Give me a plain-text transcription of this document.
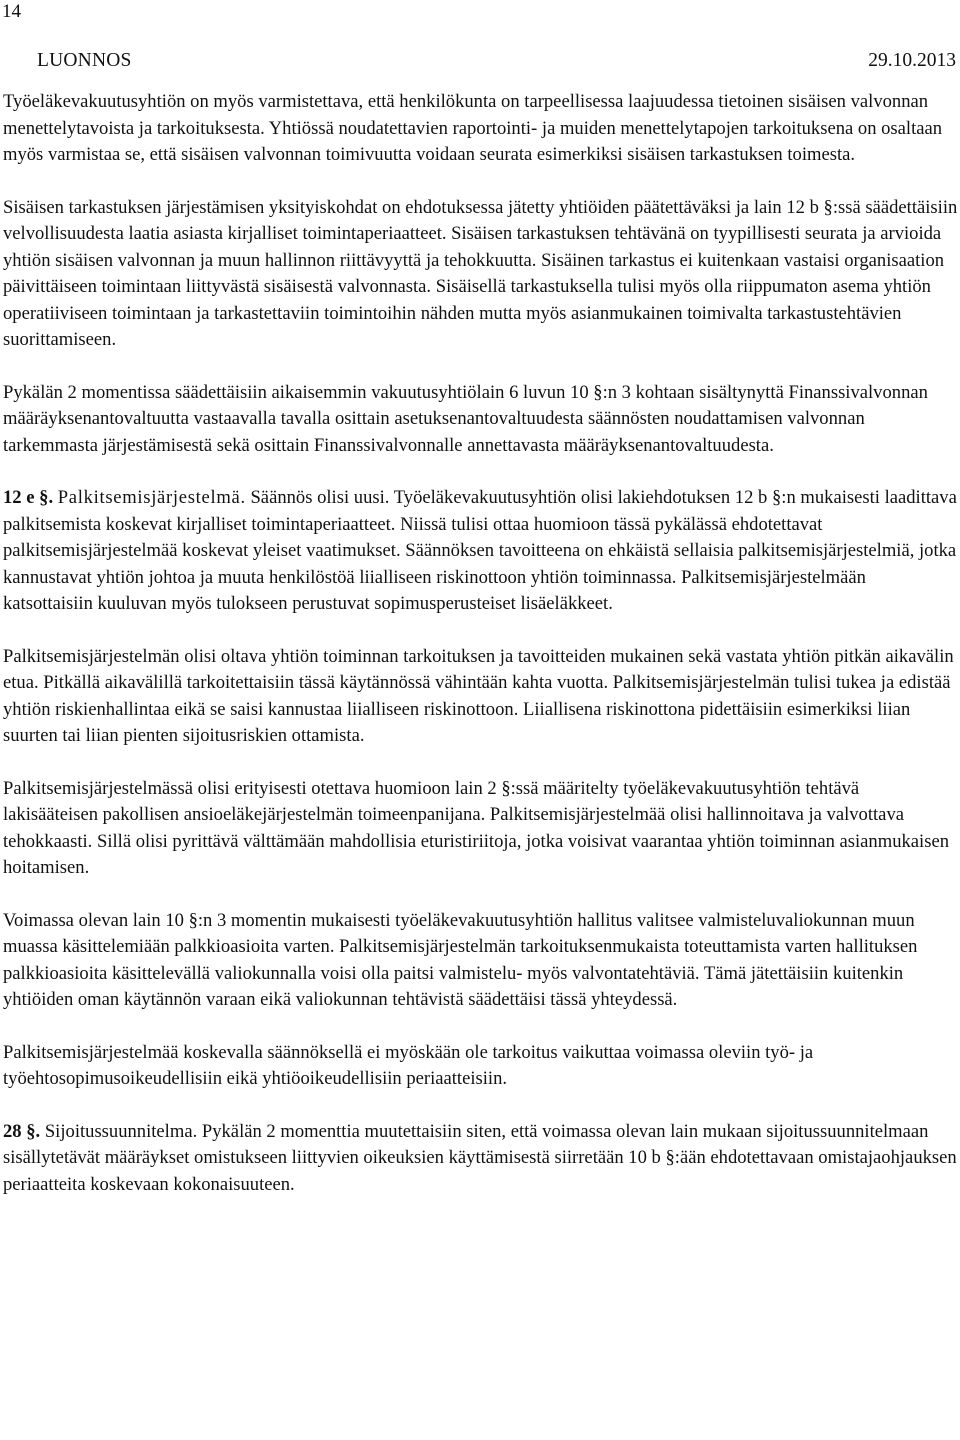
14
LUONNOS	29.10.2013

Työeläkevakuutusyhtiön on myös varmistettava, että henkilökunta on tarpeellisessa laajuudessa tietoinen sisäisen valvonnan menettelytavoista ja tarkoituksesta. Yhtiössä noudatettavien raportointi- ja muiden menettelytapojen tarkoituksena on osaltaan myös varmistaa se, että sisäisen valvonnan toimivuutta voidaan seurata esimerkiksi sisäisen tarkastuksen toimesta.

Sisäisen tarkastuksen järjestämisen yksityiskohdat on ehdotuksessa jätetty yhtiöiden päätettäväksi ja lain 12 b §:ssä säädettäisiin velvollisuudesta laatia asiasta kirjalliset toimintaperiaatteet. Sisäisen tarkastuksen tehtävänä on tyypillisesti seurata ja arvioida yhtiön sisäisen valvonnan ja muun hallinnon riittävyyttä ja tehokkuutta. Sisäinen tarkastus ei kuitenkaan vastaisi organisaation päivittäiseen toimintaan liittyvästä sisäisestä valvonnasta. Sisäisellä tarkastuksella tulisi myös olla riippumaton asema yhtiön operatiiviseen toimintaan ja tarkastettaviin toimintoihin nähden mutta myös asianmukainen toimivalta tarkastustehtävien suorittamiseen.

Pykälän 2 momentissa säädettäisiin aikaisemmin vakuutusyhtiölain 6 luvun 10 §:n 3 kohtaan sisältynyttä Finanssivalvonnan määräyksenantovaltuutta vastaavalla tavalla osittain asetuksenantovaltuudesta säännösten noudattamisen valvonnan tarkemmasta järjestämisestä sekä osittain Finanssivalvonnalle annettavasta määräyksenantovaltuudesta.

12 e §. Palkitsemisjärjestelmä. Säännös olisi uusi. Työeläkevakuutusyhtiön olisi lakiehdotuksen 12 b §:n mukaisesti laadittava palkitsemista koskevat kirjalliset toimintaperiaatteet. Niissä tulisi ottaa huomioon tässä pykälässä ehdotettavat palkitsemisjärjestelmää koskevat yleiset vaatimukset. Säännöksen tavoitteena on ehkäistä sellaisia palkitsemisjärjestelmiä, jotka kannustavat yhtiön johtoa ja muuta henkilöstöä liialliseen riskinottoon yhtiön toiminnassa. Palkitsemisjärjestelmään katsottaisiin kuuluvan myös tulokseen perustuvat sopimusperusteiset lisäeläkkeet.

Palkitsemisjärjestelmän olisi oltava yhtiön toiminnan tarkoituksen ja tavoitteiden mukainen sekä vastata yhtiön pitkän aikavälin etua. Pitkällä aikavälillä tarkoitettaisiin tässä käytännössä vähintään kahta vuotta. Palkitsemisjärjestelmän tulisi tukea ja edistää yhtiön riskienhallintaa eikä se saisi kannustaa liialliseen riskinottoon. Liiallisena riskinottona pidettäisiin esimerkiksi liian suurten tai liian pienten sijoitusriskien ottamista.

Palkitsemisjärjestelmässä olisi erityisesti otettava huomioon lain 2 §:ssä määritelty työeläkevakuutusyhtiön tehtävä lakisääteisen pakollisen ansioeläkejärjestelmän toimeenpanijana. Palkitsemisjärjestelmää olisi hallinnoitava ja valvottava tehokkaasti. Sillä olisi pyrittävä välttämään mahdollisia eturistiriitoja, jotka voisivat vaarantaa yhtiön toiminnan asianmukaisen hoitamisen.

Voimassa olevan lain 10 §:n 3 momentin mukaisesti työeläkevakuutusyhtiön hallitus valitsee valmisteluvaliokunnan muun muassa käsittelemiään palkkioasioita varten. Palkitsemisjärjestelmän tarkoituksenmukaista toteuttamista varten hallituksen palkkioasioita käsittelevällä valiokunnalla voisi olla paitsi valmistelu- myös valvontatehtäviä. Tämä jätettäisiin kuitenkin yhtiöiden oman käytännön varaan eikä valiokunnan tehtävistä säädettäisi tässä yhteydessä.

Palkitsemisjärjestelmää koskevalla säännöksellä ei myöskään ole tarkoitus vaikuttaa voimassa oleviin työ- ja työehtosopimusoikeudellisiin eikä yhtiöoikeudellisiin periaatteisiin.

28 §. Sijoitussuunnitelma. Pykälän 2 momenttia muutettaisiin siten, että voimassa olevan lain mukaan sijoitussuunnitelmaan sisällytetävät määräykset omistukseen liittyvien oikeuksien käyttämisestä siirretään 10 b §:ään ehdotettavaan omistajaohjauksen periaatteita koskevaan kokonaisuuteen.
